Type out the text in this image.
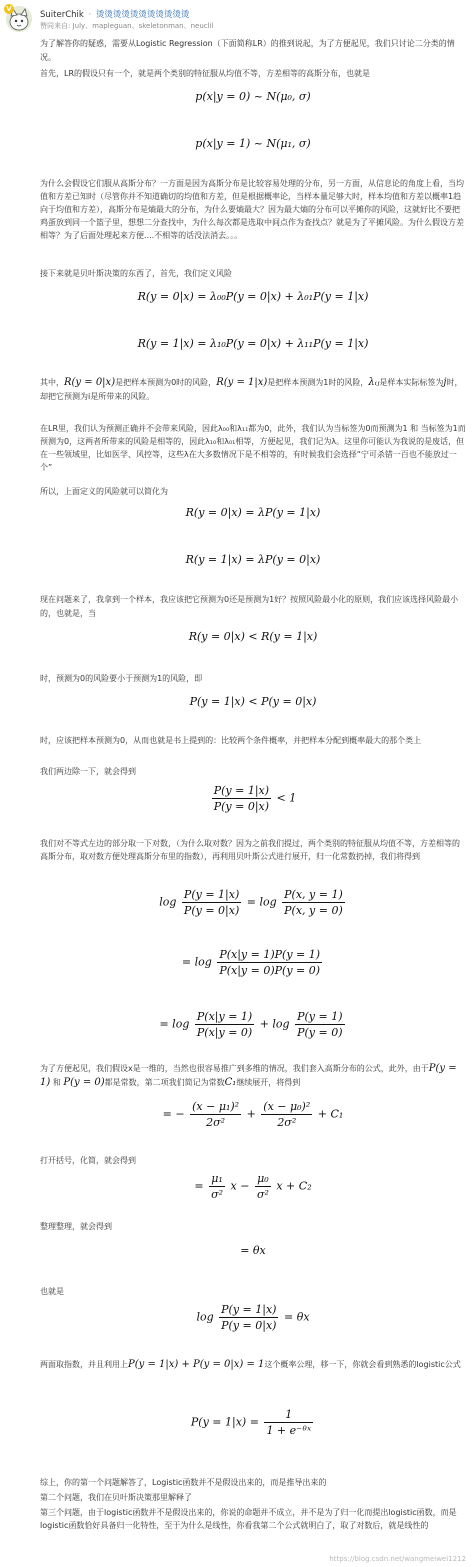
V
SuiterChik · 烫烫烫烫烫烫烫烫烫烫烫
赞同来自: July、mapleguan、skeletonman、neuclil
为了解答你的疑惑，需要从Logistic Regression（下面简称LR）的推到说起，为了方便起见，我们只讨论二分类的情况。
首先，LR的假设只有一个，就是两个类别的特征服从均值不等，方差相等的高斯分布，也就是
p(x|y = 0) ~ N(μ₀, σ)
p(x|y = 1) ~ N(μ₁, σ)
为什么会假设它们服从高斯分布？一方面是因为高斯分布是比较容易处理的分布，另一方面，从信息论的角度上看，当均值和方差已知时（尽管你并不知道确切的均值和方差，但是根据概率论，当样本量足够大时，样本均值和方差以概率1趋向于均值和方差），高斯分布是熵最大的分布，为什么要熵最大？因为最大熵的分布可以平摊你的风险，这就好比不要把鸡蛋放到同一个篮子里，想想二分查找中，为什么每次都是选取中间点作为查找点？就是为了平摊风险。为什么假设方差相等？为了后面处理起来方便....不相等的话没法消去。。。
接下来就是贝叶斯决策的东西了，首先，我们定义风险
R(y = 0|x) = λ₀₀P(y = 0|x) + λ₀₁P(y = 1|x)
R(y = 1|x) = λ₁₀P(y = 0|x) + λ₁₁P(y = 1|x)
其中，R(y = 0|x)是把样本预测为0时的风险，R(y = 1|x)是把样本预测为1时的风险，λᵢⱼ是样本实际标签为j时，却把它预测为i是所带来的风险。
在LR里，我们认为预测正确并不会带来风险，因此λ₀₀和λ₁₁都为0，此外，我们认为当标签为0而预测为1 和 当标签为1而预测为0，这两者所带来的风险是相等的，因此λ₁₀和λ₀₁相等，方便起见，我们记为λ。这里你可能认为我说的是废话，但在一些领域里，比如医学、风控等，这些λ在大多数情况下是不相等的，有时候我们会选择“宁可杀错一百也不能放过一个”
所以，上面定义的风险就可以简化为
R(y = 0|x) = λP(y = 1|x)
R(y = 1|x) = λP(y = 0|x)
现在问题来了，我拿到一个样本，我应该把它预测为0还是预测为1好？按照风险最小化的原则，我们应该选择风险最小的，也就是，当
R(y = 0|x) < R(y = 1|x)
时，预测为0的风险要小于预测为1的风险，即
P(y = 1|x) < P(y = 0|x)
时，应该把样本预测为0，从而也就是书上提到的：比较两个条件概率，并把样本分配到概率最大的那个类上
我们两边除一下，就会得到
$\frac{P(y = 1|x)}{P(y = 0|x)} < 1$
我们对不等式左边的部分取一下对数，（为什么取对数？因为之前我们提过，两个类别的特征服从均值不等，方差相等的高斯分布，取对数方便处理高斯分布里的指数），再利用贝叶斯公式进行展开，归一化常数扔掉，我们将得到
$\log \frac{P(y = 1|x)}{P(y = 0|x)} = \log \frac{P(x, y = 1)}{P(x, y = 0)}$
= $\log \frac{P(x|y = 1)P(y = 1)}{P(x|y = 0)P(y = 0)}$
= $\log \frac{P(x|y = 1)}{P(x|y = 0)} + \log \frac{P(y = 1)}{P(y = 0)}$
为了方便起见，我们假设x是一维的，当然也很容易推广到多维的情况，我们套入高斯分布的公式，此外，由于P(y = 1) 和 P(y = 0)都是常数，第二项我们简记为常数C₁继续展开，将得到
= − $\frac{\text{(x − μ₁)²}}{\text{2σ²}} + \frac{\text{(x − μ₀)²}}{\text{2σ²}} + C_1$
打开括号，化简，就会得到
= $\frac{\text{μ₁}}{\text{σ²}}$ $x - \frac{\text{μ₀}}{\text{σ²}}$ x + C₂
整理整理，就会得到
= θx
也就是
$\log \frac{P(y = 1|x)}{P(y = 0|x)} = \theta x$
两面取指数，并且利用上P(y = 1|x) + P(y = 0|x) = 1这个概率公理，移一下，你就会看到熟悉的logistic公式
$P(y = 1|x) = \frac{1}{\text{1 + e⁻ᶿˣ}}$
综上，你的第一个问题解答了，Logistic函数并不是假设出来的，而是推导出来的
第二个问题，我们在贝叶斯决策那里解释了
第三个问题，由于logistic函数并不是假设出来的，你说的命题并不成立，并不是为了归一化而提出logistic函数，而是logistic函数恰好具备归一化特性，至于为什么是线性，你看我第二个公式就明白了，取了对数后，就是线性的
https://blog.csdn.net/wangmeiwei1212
